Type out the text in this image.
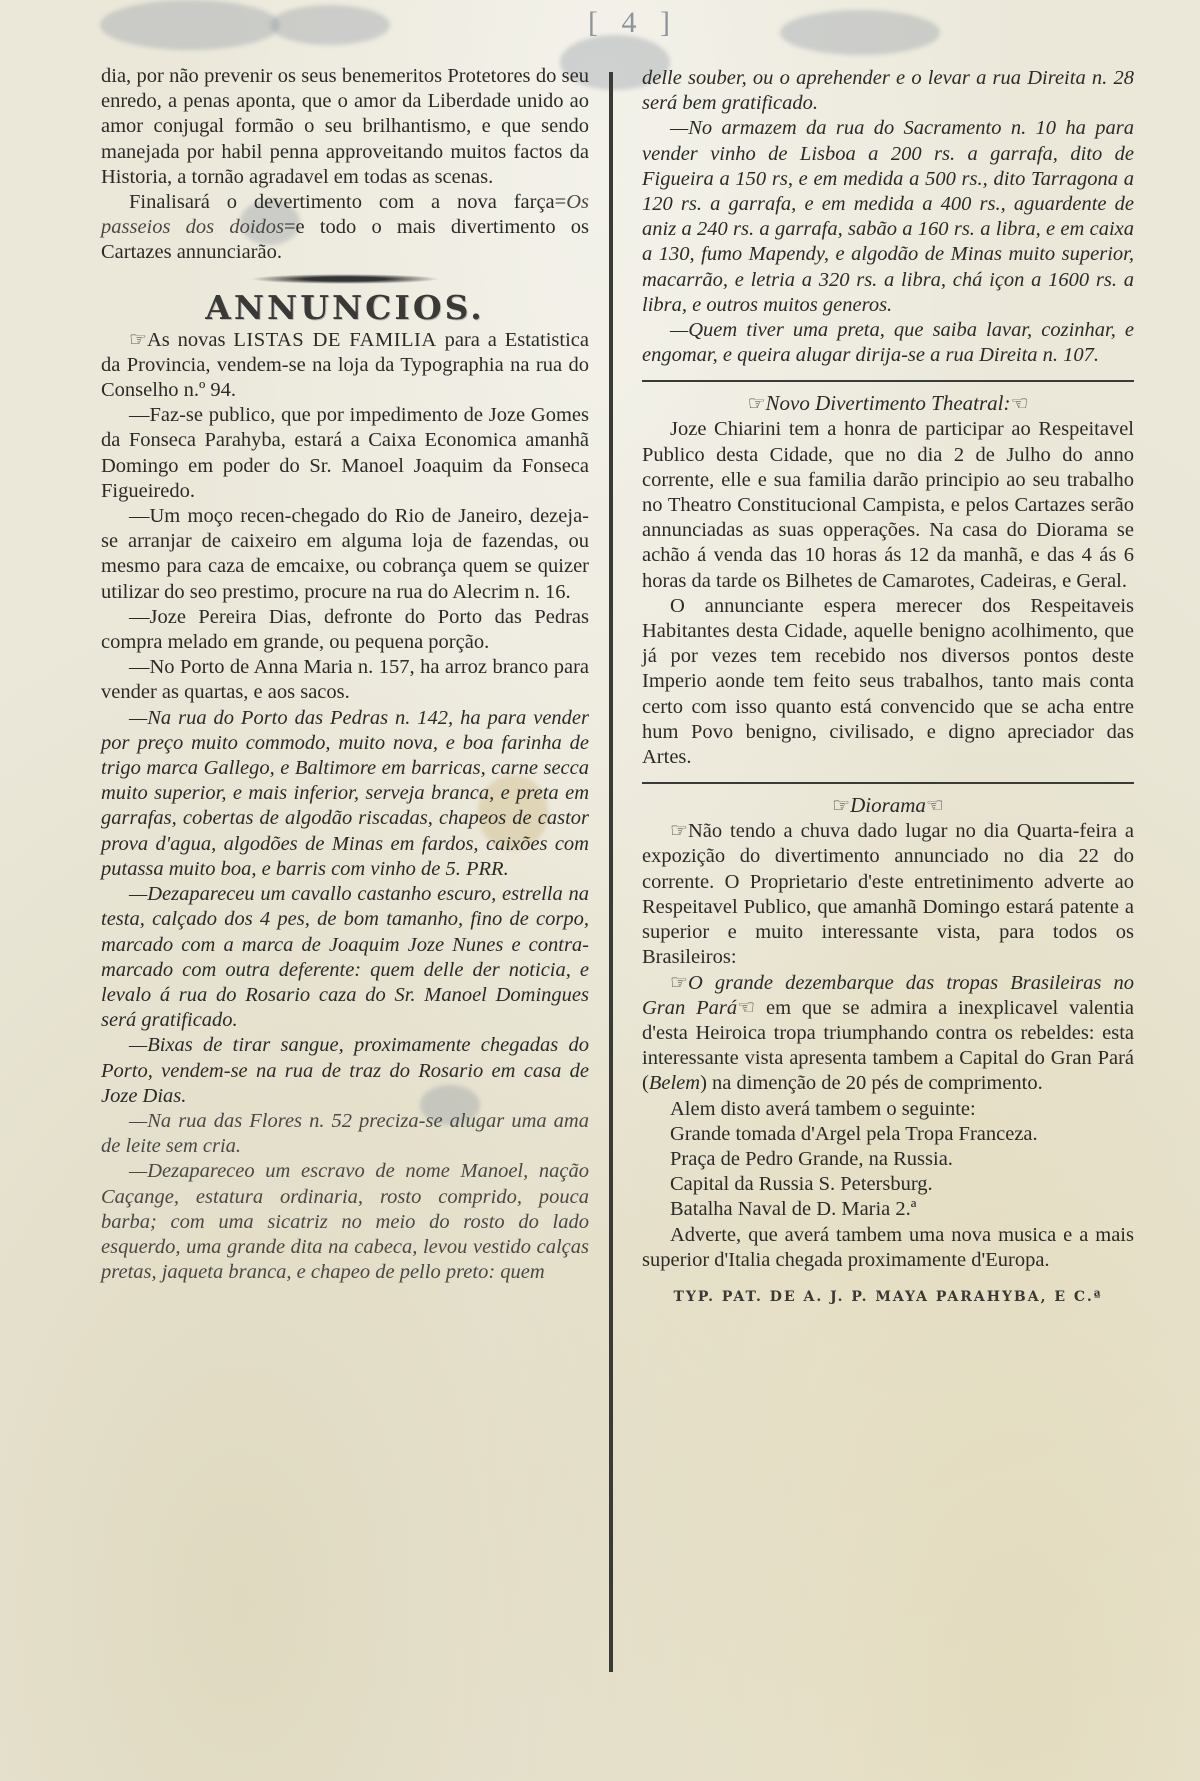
[ 4 ]

dia, por não prevenir os seus benemeritos Protetores do seu enredo, a penas aponta, que o amor da Liberdade unido ao amor conjugal formão o seu brilhantismo, e que sendo manejada por habil penna approveitando muitos factos da Historia, a tornão agradavel em todas as scenas.

Finalisará o devertimento com a nova farça=Os passeios dos doidos=e todo o mais divertimento os Cartazes annunciarão.

ANNUNCIOS.

☞As novas LISTAS DE FAMILIA para a Estatistica da Provincia, vendem-se na loja da Typographia na rua do Conselho n.º 94.

—Faz-se publico, que por impedimento de Joze Gomes da Fonseca Parahyba, estará a Caixa Economica amanhã Domingo em poder do Sr. Manoel Joaquim da Fonseca Figueiredo.

—Um moço recen-chegado do Rio de Janeiro, dezeja-se arranjar de caixeiro em alguma loja de fazendas, ou mesmo para caza de emcaixe, ou cobrança quem se quizer utilizar do seo prestimo, procure na rua do Alecrim n. 16.

—Joze Pereira Dias, defronte do Porto das Pedras compra melado em grande, ou pequena porção.

—No Porto de Anna Maria n. 157, ha arroz branco para vender as quartas, e aos sacos.

—Na rua do Porto das Pedras n. 142, ha para vender por preço muito commodo, muito nova, e boa farinha de trigo marca Gallego, e Baltimore em barricas, carne secca muito superior, e mais inferior, serveja branca, e preta em garrafas, cobertas de algodão riscadas, chapeos de castor prova d'agua, algodões de Minas em fardos, caixões com putassa muito boa, e barris com vinho de 5. PRR.

—Dezapareceu um cavallo castanho escuro, estrella na testa, calçado dos 4 pes, de bom tamanho, fino de corpo, marcado com a marca de Joaquim Joze Nunes e contra-marcado com outra deferente: quem delle der noticia, e levalo á rua do Rosario caza do Sr. Manoel Domingues será gratificado.

—Bixas de tirar sangue, proximamente chegadas do Porto, vendem-se na rua de traz do Rosario em casa de Joze Dias.

—Na rua das Flores n. 52 preciza-se alugar uma ama de leite sem cria.

—Dezapareceo um escravo de nome Manoel, nação Caçange, estatura ordinaria, rosto comprido, pouca barba; com uma sicatriz no meio do rosto do lado esquerdo, uma grande dita na cabeca, levou vestido calças pretas, jaqueta branca, e chapeo de pello preto: quem

delle souber, ou o aprehender e o levar a rua Direita n. 28 será bem gratificado.

—No armazem da rua do Sacramento n. 10 ha para vender vinho de Lisboa a 200 rs. a garrafa, dito de Figueira a 150 rs, e em medida a 500 rs., dito Tarragona a 120 rs. a garrafa, e em medida a 400 rs., aguardente de aniz a 240 rs. a garrafa, sabão a 160 rs. a libra, e em caixa a 130, fumo Mapendy, e algodão de Minas muito superior, macarrão, e letria a 320 rs. a libra, chá içon a 1600 rs. a libra, e outros muitos generos.

—Quem tiver uma preta, que saiba lavar, cozinhar, e engomar, e queira alugar dirija-se a rua Direita n. 107.

☞Novo Divertimento Theatral:☜

Joze Chiarini tem a honra de participar ao Respeitavel Publico desta Cidade, que no dia 2 de Julho do anno corrente, elle e sua familia darão principio ao seu trabalho no Theatro Constitucional Campista, e pelos Cartazes serão annunciadas as suas opperações. Na casa do Diorama se achão á venda das 10 horas ás 12 da manhã, e das 4 ás 6 horas da tarde os Bilhetes de Camarotes, Cadeiras, e Geral.

O annunciante espera merecer dos Respeitaveis Habitantes desta Cidade, aquelle benigno acolhimento, que já por vezes tem recebido nos diversos pontos deste Imperio aonde tem feito seus trabalhos, tanto mais conta certo com isso quanto está convencido que se acha entre hum Povo benigno, civilisado, e digno apreciador das Artes.

☞Diorama☜

☞Não tendo a chuva dado lugar no dia Quarta-feira a expozição do divertimento annunciado no dia 22 do corrente. O Proprietario d'este entretinimento adverte ao Respeitavel Publico, que amanhã Domingo estará patente a superior e muito interessante vista, para todos os Brasileiros:

☞O grande dezembarque das tropas Brasileiras no Gran Pará☜ em que se admira a inexplicavel valentia d'esta Heiroica tropa triumphando contra os rebeldes: esta interessante vista apresenta tambem a Capital do Gran Pará (Belem) na dimenção de 20 pés de comprimento.

Alem disto averá tambem o seguinte:

Grande tomada d'Argel pela Tropa Franceza.

Praça de Pedro Grande, na Russia.

Capital da Russia S. Petersburg.

Batalha Naval de D. Maria 2.ª

Adverte, que averá tambem uma nova musica e a mais superior d'Italia chegada proximamente d'Europa.

TYP. PAT. DE A. J. P. MAYA PARAHYBA, E C.ª
